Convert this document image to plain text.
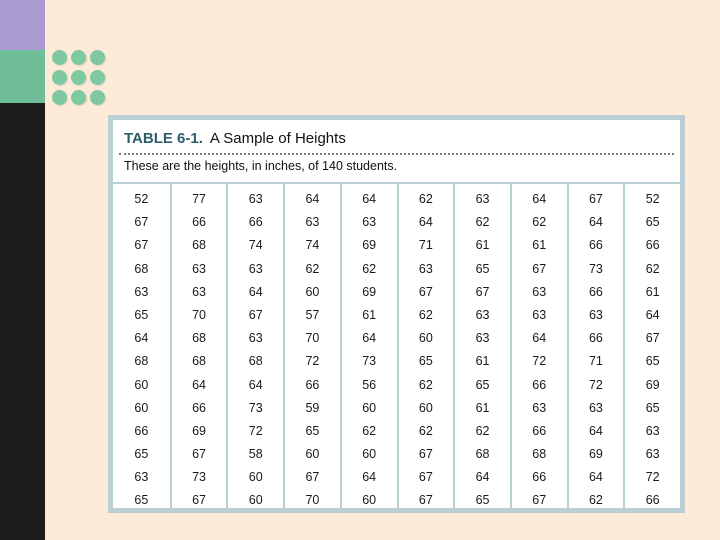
TABLE 6-1. A Sample of Heights
These are the heights, in inches, of 140 students.
52
67
67
68
63
65
64
68
60
60
66
65
63
65
77
66
68
63
63
70
68
68
64
66
69
67
73
67
63
66
74
63
64
67
63
68
64
73
72
58
60
60
64
63
74
62
60
57
70
72
66
59
65
60
67
70
64
63
69
62
69
61
64
73
56
60
62
60
64
60
62
64
71
63
67
62
60
65
62
60
62
67
67
67
63
62
61
65
67
63
63
61
65
61
62
68
64
65
64
62
61
67
63
63
64
72
66
63
66
68
66
67
67
64
66
73
66
63
66
71
72
63
64
69
64
62
52
65
66
62
61
64
67
65
69
65
63
63
72
66
